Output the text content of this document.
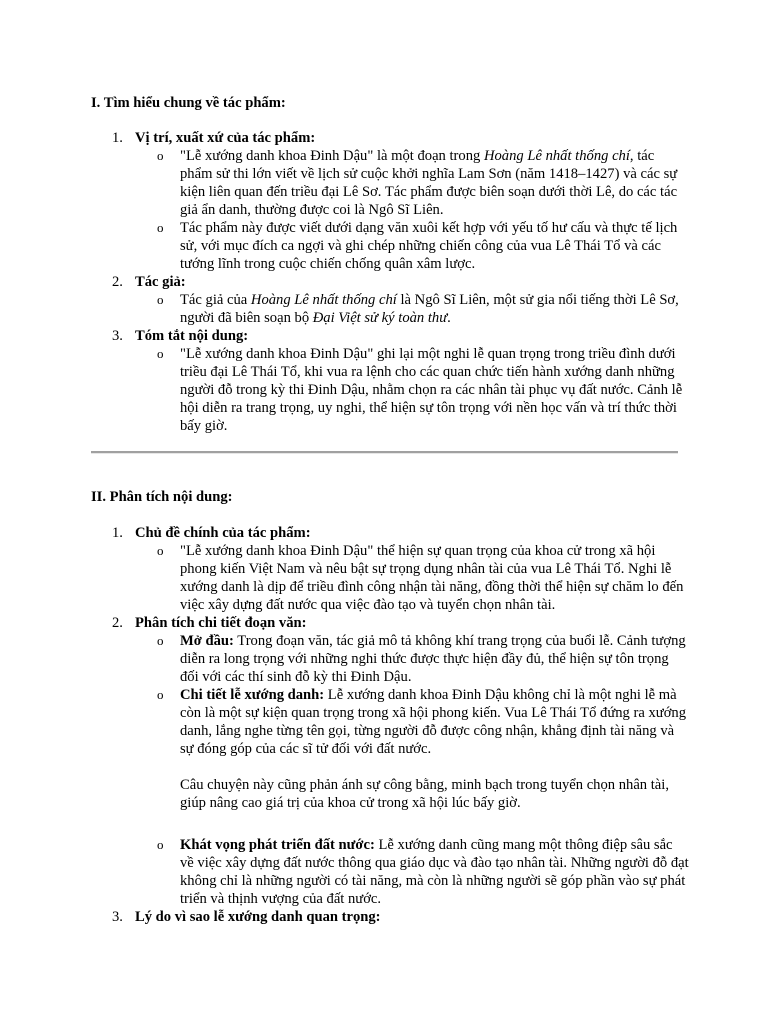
I. Tìm hiểu chung về tác phẩm:
1. Vị trí, xuất xứ của tác phẩm:
o "Lễ xướng danh khoa Đinh Dậu" là một đoạn trong Hoàng Lê nhất thống chí, tác phẩm sử thi lớn viết về lịch sử cuộc khởi nghĩa Lam Sơn (năm 1418–1427) và các sự kiện liên quan đến triều đại Lê Sơ. Tác phẩm được biên soạn dưới thời Lê, do các tác giả ẩn danh, thường được coi là Ngô Sĩ Liên.
o Tác phẩm này được viết dưới dạng văn xuôi kết hợp với yếu tố hư cấu và thực tế lịch sử, với mục đích ca ngợi và ghi chép những chiến công của vua Lê Thái Tổ và các tướng lĩnh trong cuộc chiến chống quân xâm lược.
2. Tác giả:
o Tác giả của Hoàng Lê nhất thống chí là Ngô Sĩ Liên, một sử gia nổi tiếng thời Lê Sơ, người đã biên soạn bộ Đại Việt sử ký toàn thư.
3. Tóm tắt nội dung:
o "Lễ xướng danh khoa Đinh Dậu" ghi lại một nghi lễ quan trọng trong triều đình dưới triều đại Lê Thái Tổ, khi vua ra lệnh cho các quan chức tiến hành xướng danh những người đỗ trong kỳ thi Đinh Dậu, nhằm chọn ra các nhân tài phục vụ đất nước. Cảnh lễ hội diễn ra trang trọng, uy nghi, thể hiện sự tôn trọng với nền học vấn và trí thức thời bấy giờ.
II. Phân tích nội dung:
1. Chủ đề chính của tác phẩm:
o "Lễ xướng danh khoa Đinh Dậu" thể hiện sự quan trọng của khoa cử trong xã hội phong kiến Việt Nam và nêu bật sự trọng dụng nhân tài của vua Lê Thái Tổ. Nghi lễ xướng danh là dịp để triều đình công nhận tài năng, đồng thời thể hiện sự chăm lo đến việc xây dựng đất nước qua việc đào tạo và tuyển chọn nhân tài.
2. Phân tích chi tiết đoạn văn:
o Mở đầu: Trong đoạn văn, tác giả mô tả không khí trang trọng của buổi lễ. Cảnh tượng diễn ra long trọng với những nghi thức được thực hiện đầy đủ, thể hiện sự tôn trọng đối với các thí sinh đỗ kỳ thi Đinh Dậu.
o Chi tiết lễ xướng danh: Lễ xướng danh khoa Đinh Dậu không chỉ là một nghi lễ mà còn là một sự kiện quan trọng trong xã hội phong kiến. Vua Lê Thái Tổ đứng ra xướng danh, lắng nghe từng tên gọi, từng người đỗ được công nhận, khẳng định tài năng và sự đóng góp của các sĩ tử đối với đất nước.
Câu chuyện này cũng phản ánh sự công bằng, minh bạch trong tuyển chọn nhân tài, giúp nâng cao giá trị của khoa cử trong xã hội lúc bấy giờ.
o Khát vọng phát triển đất nước: Lễ xướng danh cũng mang một thông điệp sâu sắc về việc xây dựng đất nước thông qua giáo dục và đào tạo nhân tài. Những người đỗ đạt không chỉ là những người có tài năng, mà còn là những người sẽ góp phần vào sự phát triển và thịnh vượng của đất nước.
3. Lý do vì sao lễ xướng danh quan trọng:
